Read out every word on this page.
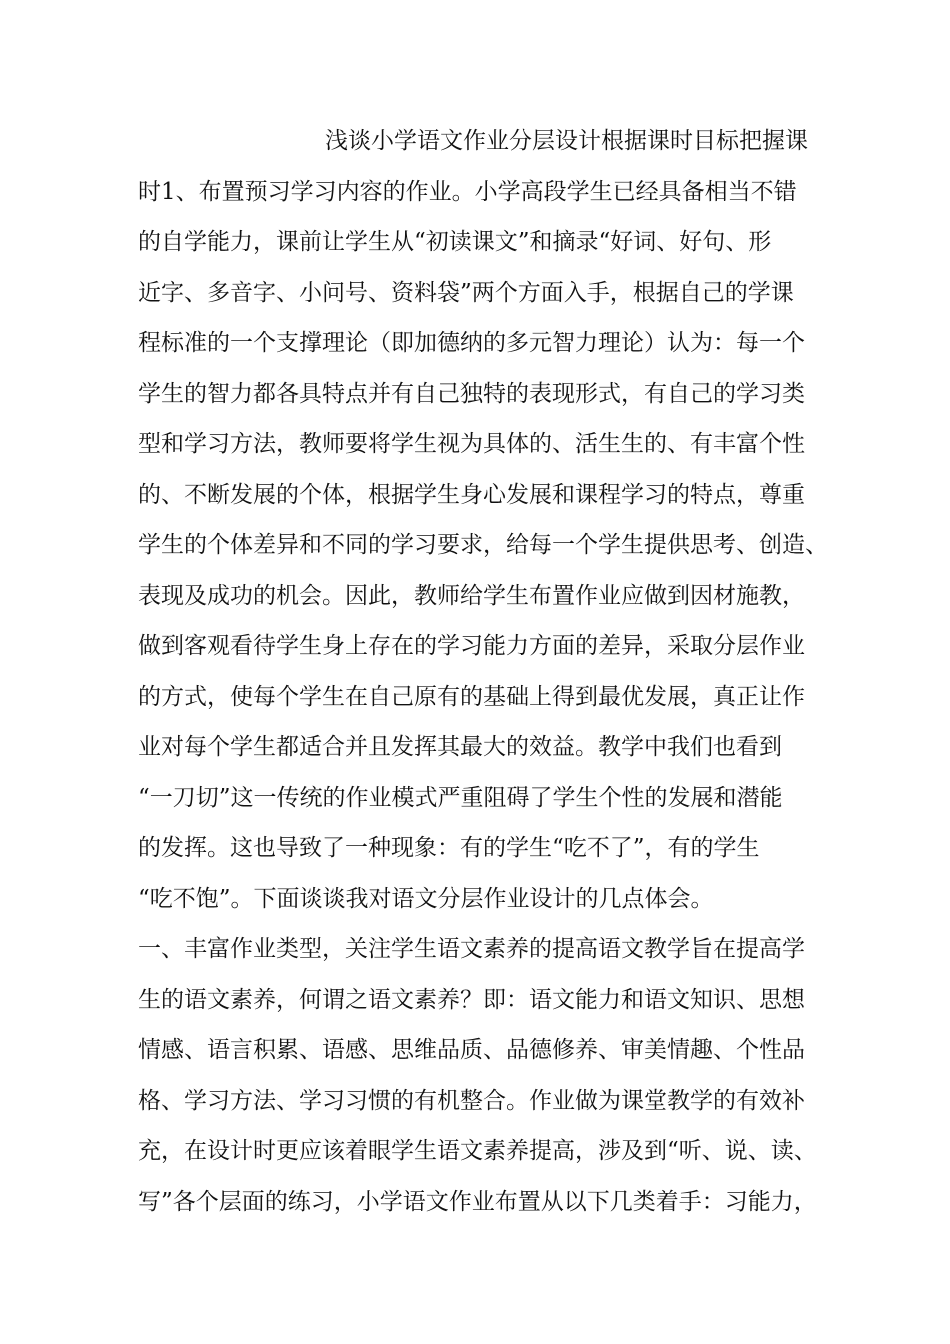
浅谈小学语文作业分层设计根据课时目标把握课
时1、布置预习学习内容的作业。小学高段学生已经具备相当不错
的自学能力，课前让学生从“初读课文”和摘录“好词、好句、形
近字、多音字、小问号、资料袋”两个方面入手，根据自己的学课
程标准的一个支撑理论（即加德纳的多元智力理论）认为：每一个
学生的智力都各具特点并有自己独特的表现形式，有自己的学习类
型和学习方法，教师要将学生视为具体的、活生生的、有丰富个性
的、不断发展的个体，根据学生身心发展和课程学习的特点，尊重
学生的个体差异和不同的学习要求，给每一个学生提供思考、创造、
表现及成功的机会。因此，教师给学生布置作业应做到因材施教，
做到客观看待学生身上存在的学习能力方面的差异，采取分层作业
的方式，使每个学生在自己原有的基础上得到最优发展，真正让作
业对每个学生都适合并且发挥其最大的效益。教学中我们也看到
“一刀切”这一传统的作业模式严重阻碍了学生个性的发展和潜能
的发挥。这也导致了一种现象：有的学生“吃不了”，有的学生
“吃不饱”。下面谈谈我对语文分层作业设计的几点体会。
一、丰富作业类型，关注学生语文素养的提高语文教学旨在提高学
生的语文素养，何谓之语文素养？即：语文能力和语文知识、思想
情感、语言积累、语感、思维品质、品德修养、审美情趣、个性品
格、学习方法、学习习惯的有机整合。作业做为课堂教学的有效补
充，在设计时更应该着眼学生语文素养提高，涉及到“听、说、读、
写”各个层面的练习，小学语文作业布置从以下几类着手：习能力，
